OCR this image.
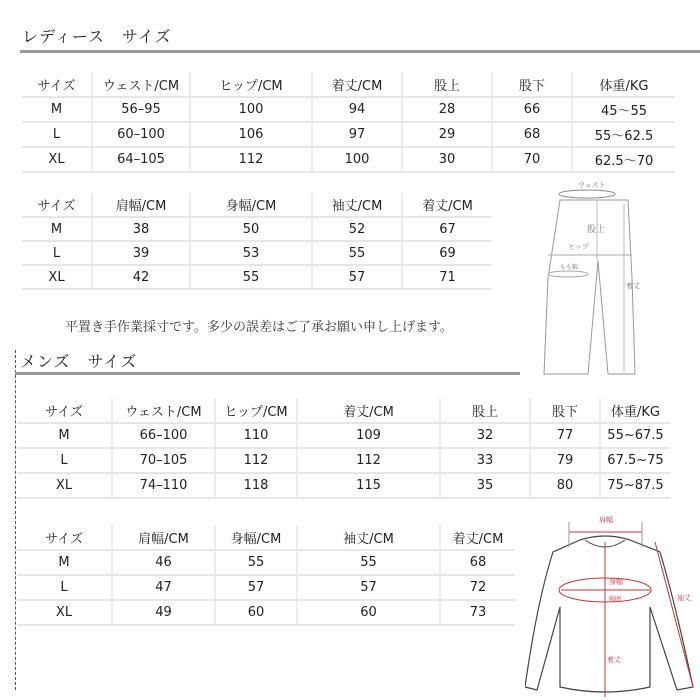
レディース　サイズ
サイズ	ウェスト/CM	ヒップ/CM	着丈/CM	股上	股下	体重/KG
M	56–95	100	94	28	66	45～55
L	60–100	106	97	29	68	55～62.5
XL	64–105	112	100	30	70	62.5～70
サイズ	肩幅/CM	身幅/CM	袖丈/CM	着丈/CM
M	38	50	52	67
L	39	53	55	69
XL	42	55	57	71
ウェスト
股上
ヒップ
もも幅
着丈
平置き手作業採寸です。多少の誤差はご了承お願い申し上げます。
メンズ　サイズ
サイズ	ウェスト/CM	ヒップ/CM	着丈/CM	股上	股下	体重/KG
M	66–100	110	109	32	77	55~67.5
L	70–105	112	112	33	79	67.5~75
XL	74–110	118	115	35	80	75~87.5
サイズ	肩幅/CM	身幅/CM	袖丈/CM	着丈/CM
M	46	55	55	68
L	47	57	57	72
XL	49	60	60	73
肩幅
身幅
胸囲	袖丈
着丈
